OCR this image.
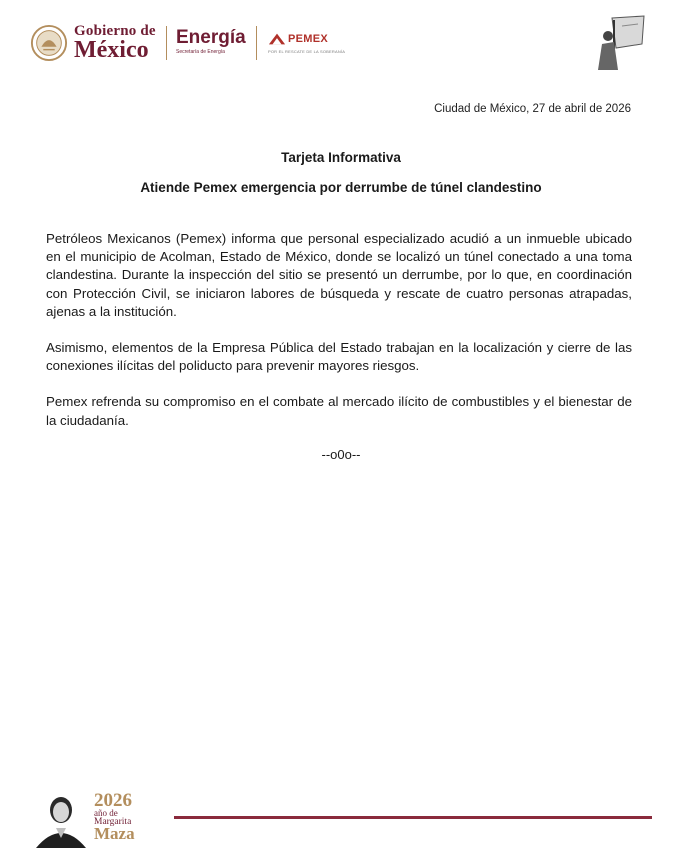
Gobierno de
México	Energía
Secretaría de Energía
PEMEX
POR EL RESCATE DE LA SOBERANÍA
Ciudad de México, 27 de abril de 2026
Tarjeta Informativa
Atiende Pemex emergencia por derrumbe de túnel clandestino

Petróleos Mexicanos (Pemex) informa que personal especializado acudió a un inmueble ubicado en el municipio de Acolman, Estado de México, donde se localizó un túnel conectado a una toma clandestina. Durante la inspección del sitio se presentó un derrumbe, por lo que, en coordinación con Protección Civil, se iniciaron labores de búsqueda y rescate de cuatro personas atrapadas, ajenas a la institución.

Asimismo, elementos de la Empresa Pública del Estado trabajan en la localización y cierre de las conexiones ilícitas del poliducto para prevenir mayores riesgos.

Pemex refrenda su compromiso en el combate al mercado ilícito de combustibles y el bienestar de la ciudadanía.

--o0o--
2026
año de
Margarita
Maza
